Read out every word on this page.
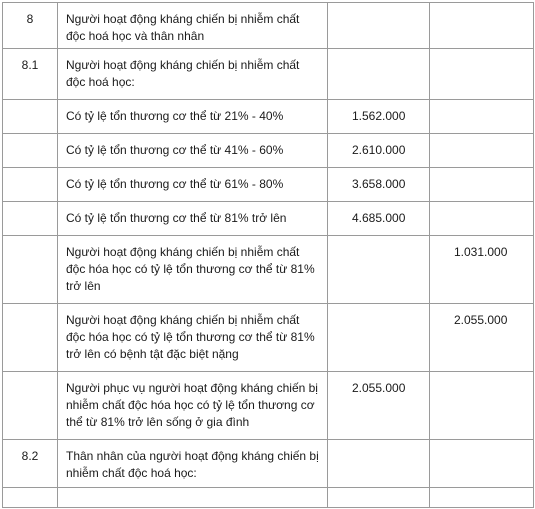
8	Người hoạt động kháng chiến bị nhiễm chất độc hoá học và thân nhân		

8.1	Người hoạt động kháng chiến bị nhiễm chất độc hoá học:		

	Có tỷ lệ tổn thương cơ thể từ 21% - 40%	1.562.000	

	Có tỷ lệ tổn thương cơ thể từ 41% - 60%	2.610.000	

	Có tỷ lệ tổn thương cơ thể từ 61% - 80%	3.658.000	

	Có tỷ lệ tổn thương cơ thể từ 81% trở lên	4.685.000	

	Người hoạt động kháng chiến bị nhiễm chất độc hóa học có tỷ lệ tổn thương cơ thể từ 81% trở lên		1.031.000

	Người hoạt động kháng chiến bị nhiễm chất độc hóa học có tỷ lệ tổn thương cơ thể từ 81% trở lên có bệnh tật đặc biệt nặng		2.055.000

	Người phục vụ người hoạt động kháng chiến bị nhiễm chất độc hóa học có tỷ lệ tổn thương cơ thể từ 81% trở lên sống ở gia đình	2.055.000	
8.2	Thân nhân của người hoạt động kháng chiến bị nhiễm chất độc hoá học:		
